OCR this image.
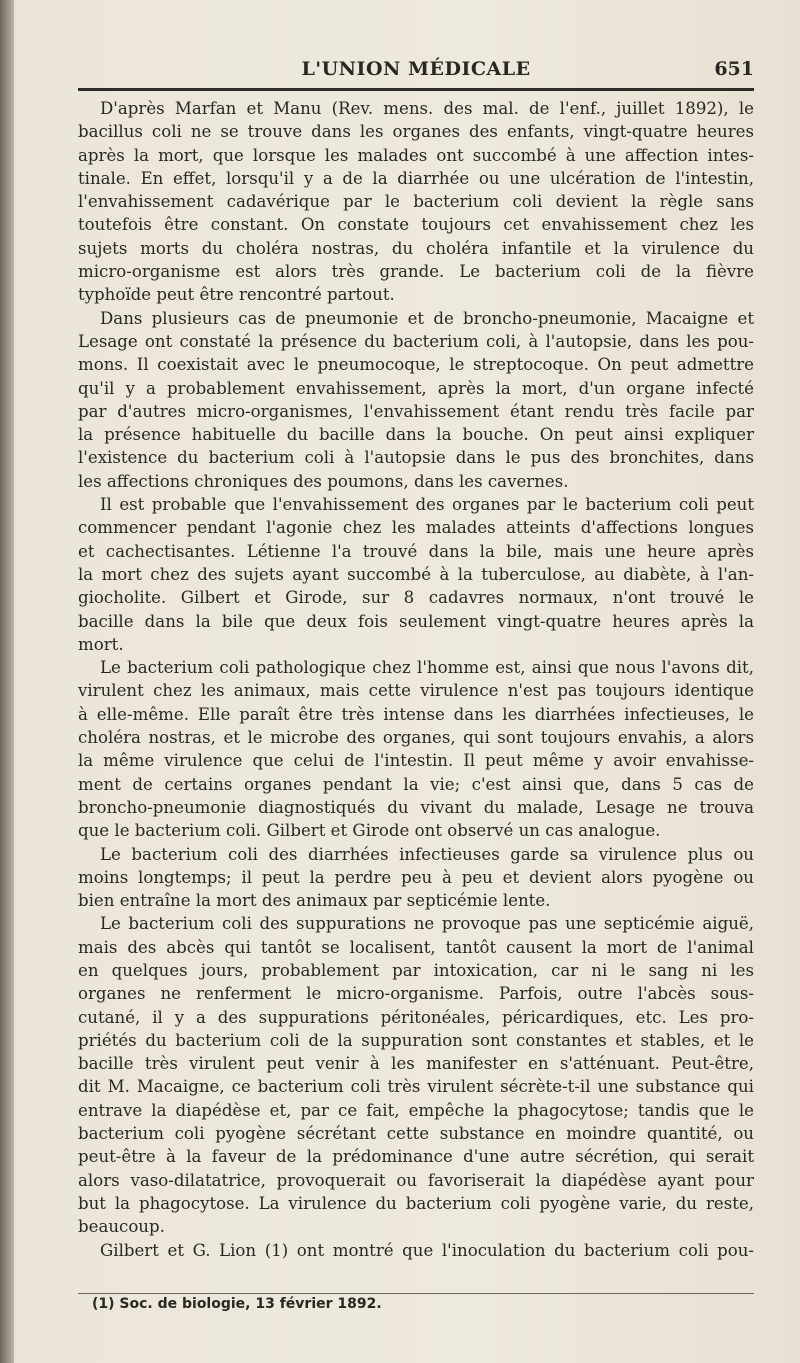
L'UNION MÉDICALE	651
D'après Marfan et Manu (Rev. mens. des mal. de l'enf., juillet 1892), le
bacillus coli ne se trouve dans les organes des enfants, vingt-quatre heures
après la mort, que lorsque les malades ont succombé à une affection intes-
tinale. En effet, lorsqu'il y a de la diarrhée ou une ulcération de l'intestin,
l'envahissement cadavérique par le bacterium coli devient la règle sans
toutefois être constant. On constate toujours cet envahissement chez les
sujets morts du choléra nostras, du choléra infantile et la virulence du
micro-organisme est alors très grande. Le bacterium coli de la fièvre
typhoïde peut être rencontré partout.
Dans plusieurs cas de pneumonie et de broncho-pneumonie, Macaigne et
Lesage ont constaté la présence du bacterium coli, à l'autopsie, dans les pou-
mons. Il coexistait avec le pneumocoque, le streptocoque. On peut admettre
qu'il y a probablement envahissement, après la mort, d'un organe infecté
par d'autres micro-organismes, l'envahissement étant rendu très facile par
la présence habituelle du bacille dans la bouche. On peut ainsi expliquer
l'existence du bacterium coli à l'autopsie dans le pus des bronchites, dans
les affections chroniques des poumons, dans les cavernes.
Il est probable que l'envahissement des organes par le bacterium coli peut
commencer pendant l'agonie chez les malades atteints d'affections longues
et cachectisantes. Létienne l'a trouvé dans la bile, mais une heure après
la mort chez des sujets ayant succombé à la tuberculose, au diabète, à l'an-
giocholite. Gilbert et Girode, sur 8 cadavres normaux, n'ont trouvé le
bacille dans la bile que deux fois seulement vingt-quatre heures après la
mort.
Le bacterium coli pathologique chez l'homme est, ainsi que nous l'avons dit,
virulent chez les animaux, mais cette virulence n'est pas toujours identique
à elle-même. Elle paraît être très intense dans les diarrhées infectieuses, le
choléra nostras, et le microbe des organes, qui sont toujours envahis, a alors
la même virulence que celui de l'intestin. Il peut même y avoir envahisse-
ment de certains organes pendant la vie; c'est ainsi que, dans 5 cas de
broncho-pneumonie diagnostiqués du vivant du malade, Lesage ne trouva
que le bacterium coli. Gilbert et Girode ont observé un cas analogue.
Le bacterium coli des diarrhées infectieuses garde sa virulence plus ou
moins longtemps; il peut la perdre peu à peu et devient alors pyogène ou
bien entraîne la mort des animaux par septicémie lente.
Le bacterium coli des suppurations ne provoque pas une septicémie aiguë,
mais des abcès qui tantôt se localisent, tantôt causent la mort de l'animal
en quelques jours, probablement par intoxication, car ni le sang ni les
organes ne renferment le micro-organisme. Parfois, outre l'abcès sous-
cutané, il y a des suppurations péritonéales, péricardiques, etc. Les pro-
priétés du bacterium coli de la suppuration sont constantes et stables, et le
bacille très virulent peut venir à les manifester en s'atténuant. Peut-être,
dit M. Macaigne, ce bacterium coli très virulent sécrète-t-il une substance qui
entrave la diapédèse et, par ce fait, empêche la phagocytose; tandis que le
bacterium coli pyogène sécrétant cette substance en moindre quantité, ou
peut-être à la faveur de la prédominance d'une autre sécrétion, qui serait
alors vaso-dilatatrice, provoquerait ou favoriserait la diapédèse ayant pour
but la phagocytose. La virulence du bacterium coli pyogène varie, du reste,
beaucoup.
Gilbert et G. Lion (1) ont montré que l'inoculation du bacterium coli pou-
(1) Soc. de biologie, 13 février 1892.
